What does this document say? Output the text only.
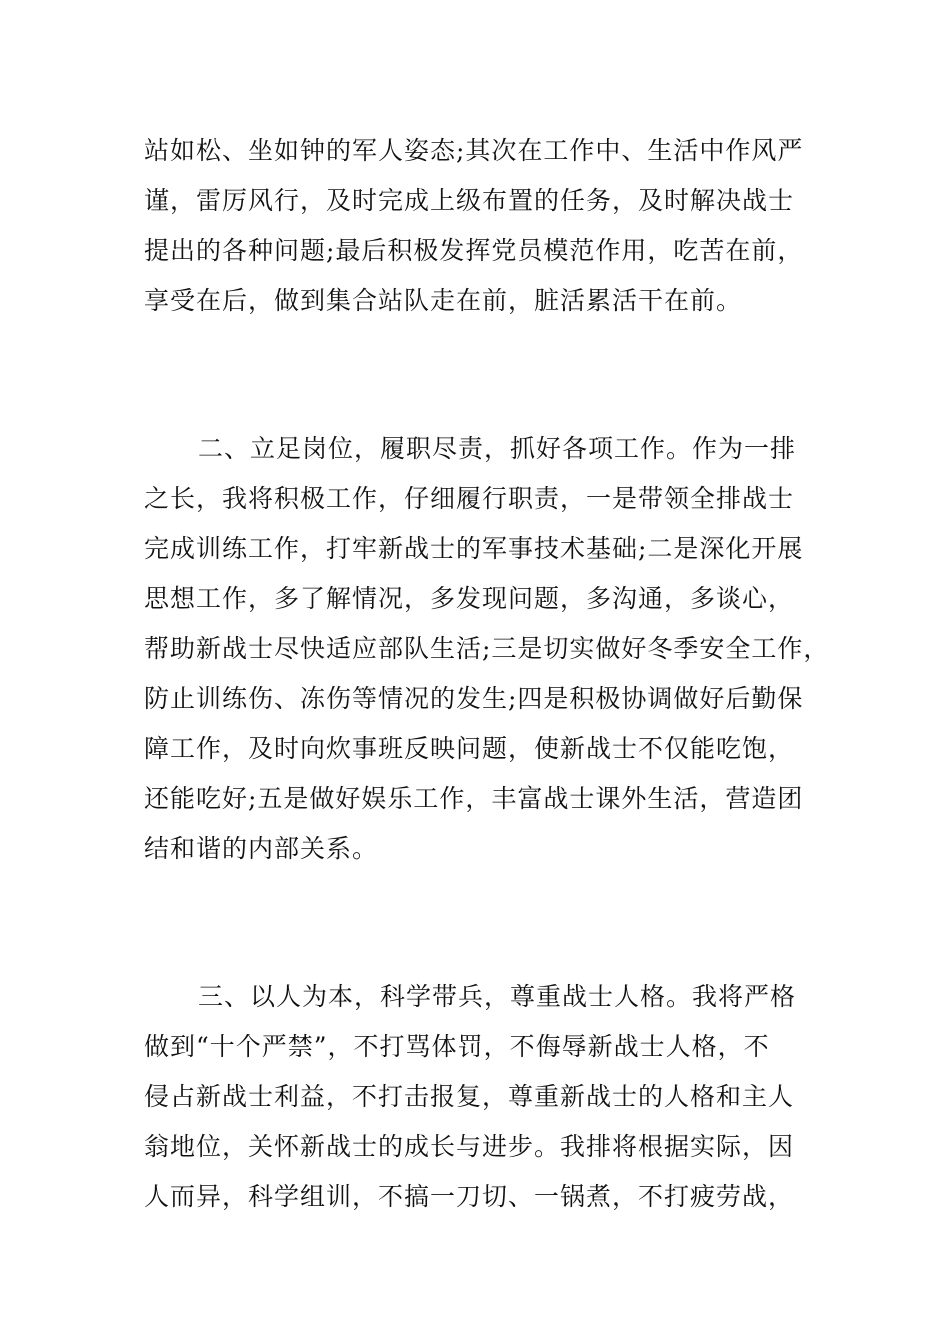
站如松、坐如钟的军人姿态;其次在工作中、生活中作风严
谨，雷厉风行，及时完成上级布置的任务，及时解决战士
提出的各种问题;最后积极发挥党员模范作用，吃苦在前，
享受在后，做到集合站队走在前，脏活累活干在前。
二、立足岗位，履职尽责，抓好各项工作。作为一排
之长，我将积极工作，仔细履行职责，一是带领全排战士
完成训练工作，打牢新战士的军事技术基础;二是深化开展
思想工作，多了解情况，多发现问题，多沟通，多谈心，
帮助新战士尽快适应部队生活;三是切实做好冬季安全工作，
防止训练伤、冻伤等情况的发生;四是积极协调做好后勤保
障工作，及时向炊事班反映问题，使新战士不仅能吃饱，
还能吃好;五是做好娱乐工作，丰富战士课外生活，营造团
结和谐的内部关系。
三、以人为本，科学带兵，尊重战士人格。我将严格
做到“十个严禁”，不打骂体罚，不侮辱新战士人格，不
侵占新战士利益，不打击报复，尊重新战士的人格和主人
翁地位，关怀新战士的成长与进步。我排将根据实际，因
人而异，科学组训，不搞一刀切、一锅煮，不打疲劳战，
